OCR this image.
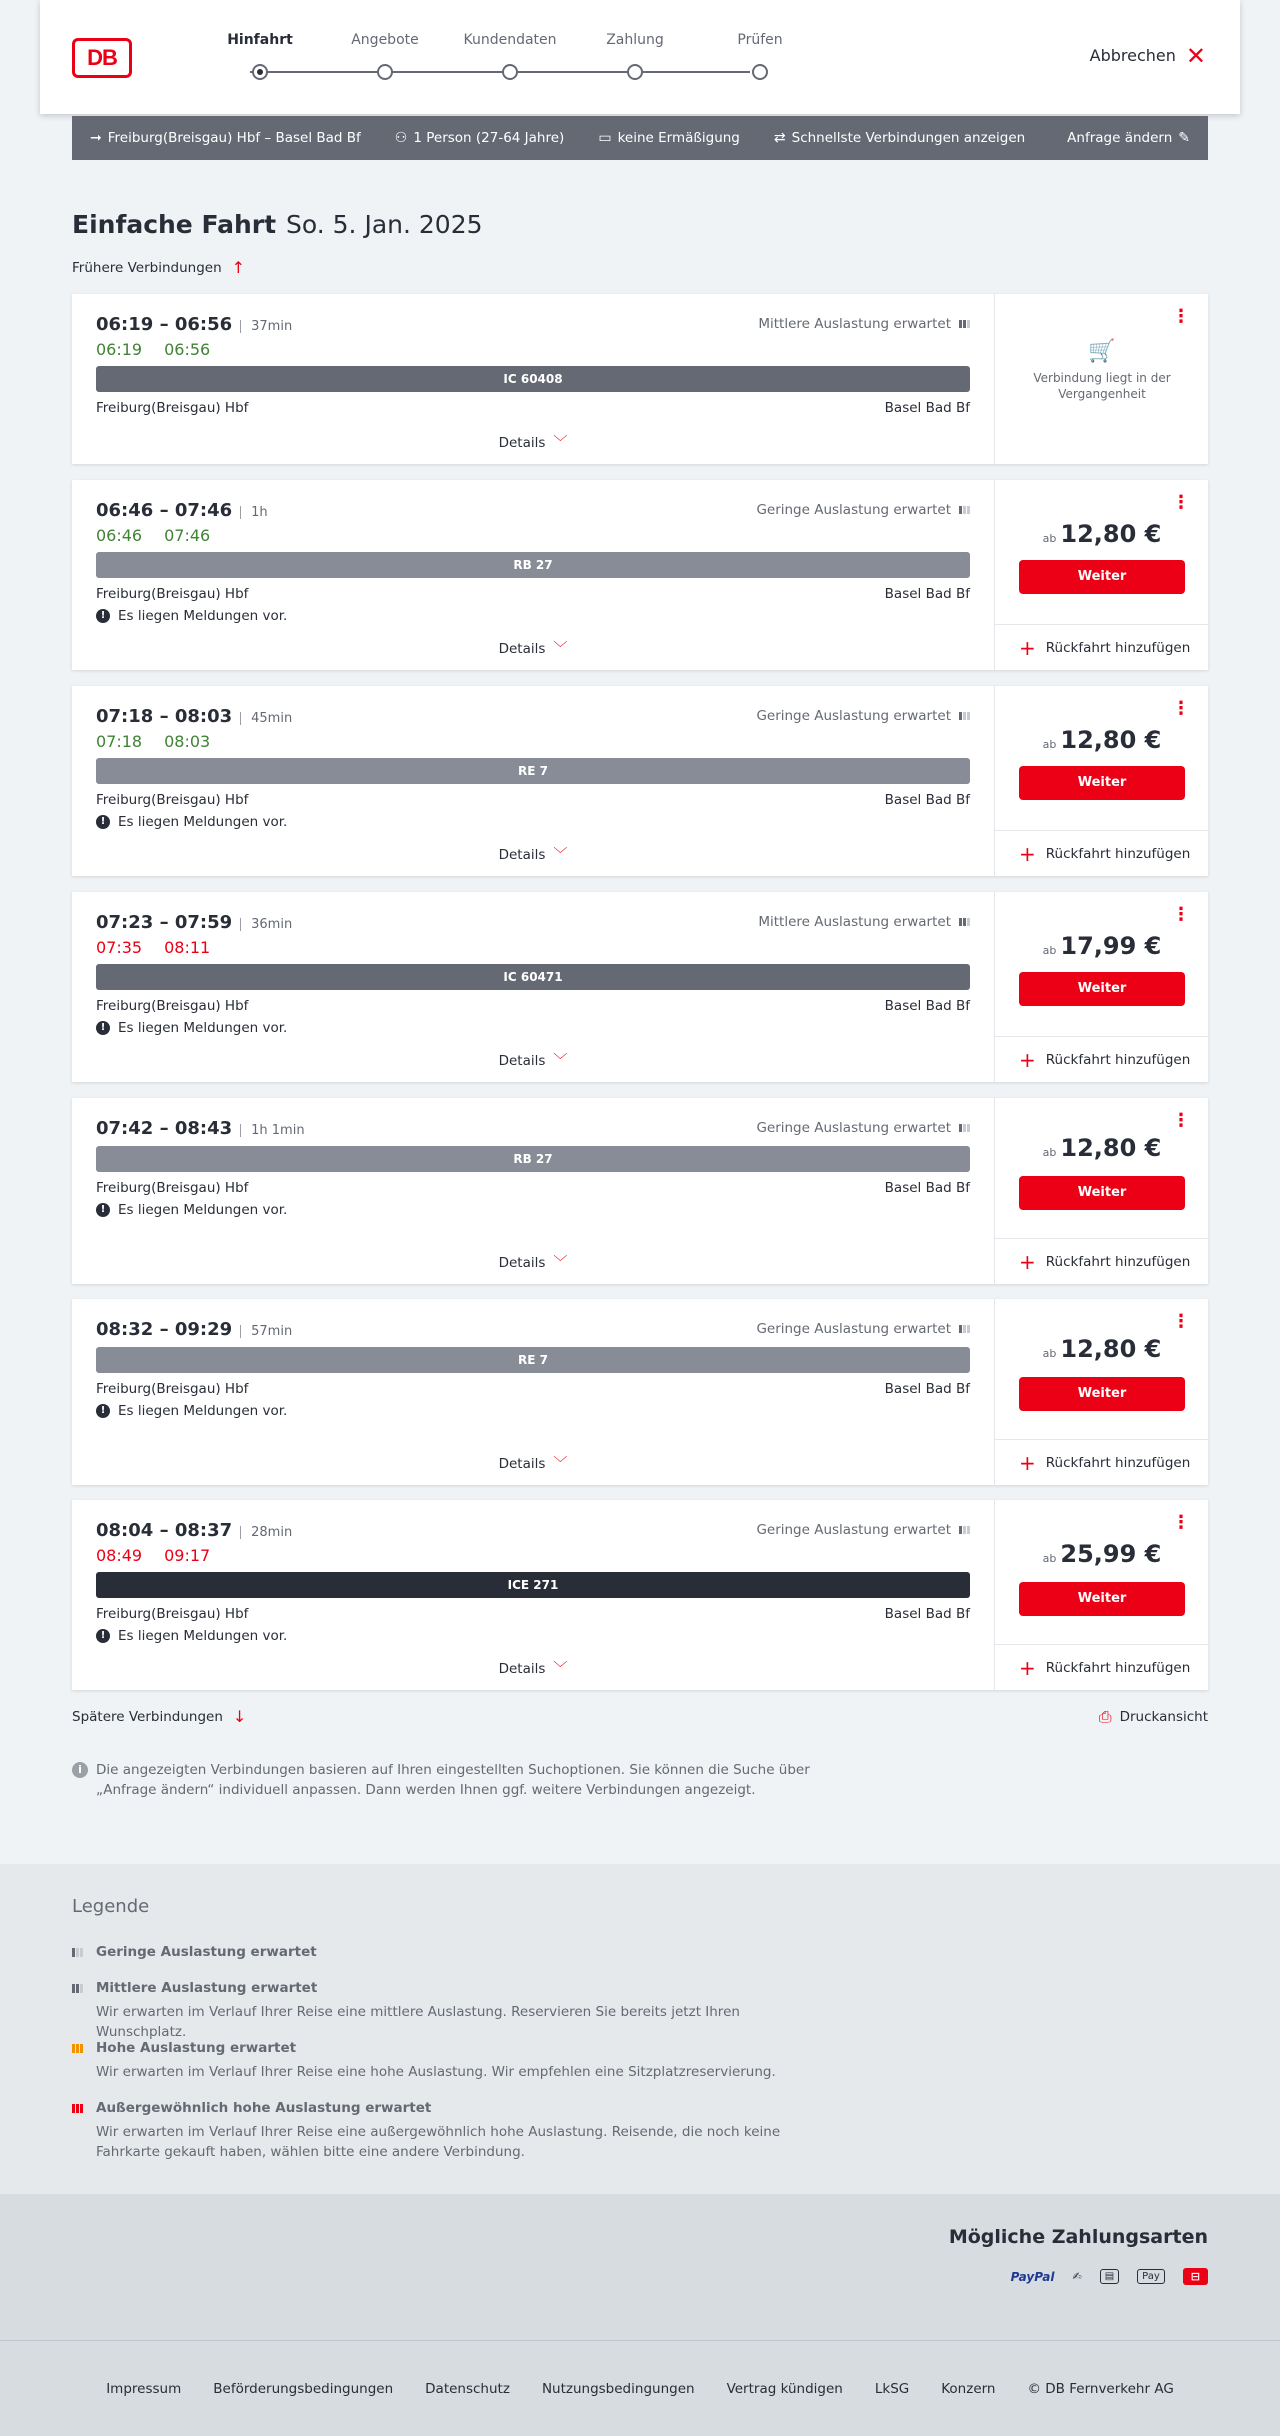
DB
Hinfahrt	Angebote	Kundendaten	Zahlung	Prüfen
Abbrechen ✕
➞ Freiburg(Breisgau) Hbf – Basel Bad Bf ⚇ 1 Person (27-64 Jahre) ▭ keine Ermäßigung ⇄ Schnellste Verbindungen anzeigen	Anfrage ändern ✎
Einfache Fahrt So. 5. Jan. 2025
Frühere Verbindungen ↑
06:19 – 06:56	37min	Mittlere Auslastung erwartet
06:19 06:56
IC 60408
Freiburg(Breisgau) Hbf	Basel Bad Bf
Details ﹀
⋮
🛒
Verbindung liegt in der Vergangenheit
06:46 – 07:46	1h	Geringe Auslastung erwartet
06:46 07:46
RB 27
Freiburg(Breisgau) Hbf	Basel Bad Bf
! Es liegen Meldungen vor.
Details ﹀
⋮
ab 12,80 €
Weiter
+ Rückfahrt hinzufügen
07:18 – 08:03	45min	Geringe Auslastung erwartet
07:18 08:03
RE 7
Freiburg(Breisgau) Hbf	Basel Bad Bf
! Es liegen Meldungen vor.
Details ﹀
⋮
ab 12,80 €
Weiter
+ Rückfahrt hinzufügen
07:23 – 07:59	36min	Mittlere Auslastung erwartet
07:35 08:11
IC 60471
Freiburg(Breisgau) Hbf	Basel Bad Bf
! Es liegen Meldungen vor.
Details ﹀
⋮
ab 17,99 €
Weiter
+ Rückfahrt hinzufügen
07:42 – 08:43	1h 1min	Geringe Auslastung erwartet
RB 27
Freiburg(Breisgau) Hbf	Basel Bad Bf
! Es liegen Meldungen vor.
Details ﹀
⋮
ab 12,80 €
Weiter
+ Rückfahrt hinzufügen
08:32 – 09:29	57min	Geringe Auslastung erwartet
RE 7
Freiburg(Breisgau) Hbf	Basel Bad Bf
! Es liegen Meldungen vor.
Details ﹀
⋮
ab 12,80 €
Weiter
+ Rückfahrt hinzufügen
08:04 – 08:37	28min	Geringe Auslastung erwartet
08:49 09:17
ICE 271
Freiburg(Breisgau) Hbf	Basel Bad Bf
! Es liegen Meldungen vor.
Details ﹀
⋮
ab 25,99 €
Weiter
+ Rückfahrt hinzufügen
Spätere Verbindungen ↓	⎙ Druckansicht
i	Die angezeigten Verbindungen basieren auf Ihren eingestellten Suchoptionen. Sie können die Suche über „Anfrage ändern“ individuell anpassen. Dann werden Ihnen ggf. weitere Verbindungen angezeigt.
Legende
Geringe Auslastung erwartet
Mittlere Auslastung erwartet
Wir erwarten im Verlauf Ihrer Reise eine mittlere Auslastung. Reservieren Sie bereits jetzt Ihren Wunschplatz.
Hohe Auslastung erwartet
Wir erwarten im Verlauf Ihrer Reise eine hohe Auslastung. Wir empfehlen eine Sitzplatzreservierung.
Außergewöhnlich hohe Auslastung erwartet
Wir erwarten im Verlauf Ihrer Reise eine außergewöhnlich hohe Auslastung. Reisende, die noch keine Fahrkarte gekauft haben, wählen bitte eine andere Verbindung.
Mögliche Zahlungsarten
PayPal ✍	▤	Pay	⊟
Impressum Beförderungsbedingungen Datenschutz Nutzungsbedingungen Vertrag kündigen LkSG Konzern © DB Fernverkehr AG
